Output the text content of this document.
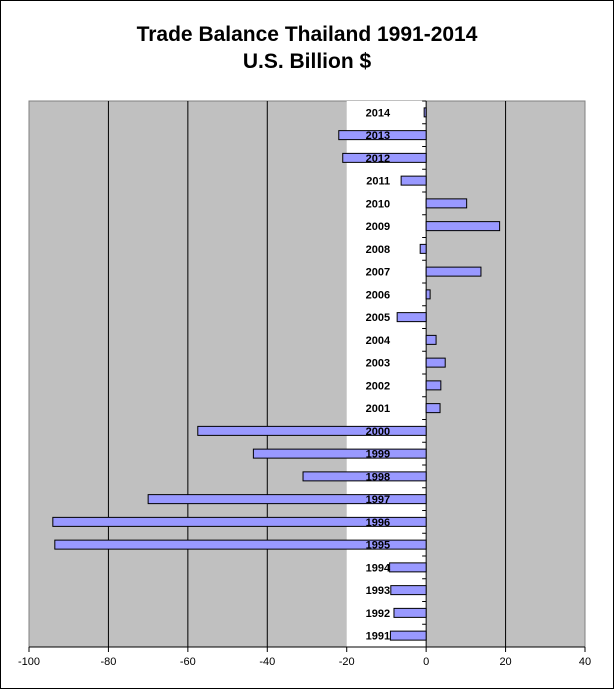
Trade Balance Thailand 1991-2014
U.S. Billion $
-100	-80	-60	-40	-20	0	20	40
1991
1992
1993
1994
1995
1996
1997
1998
1999
2000
2001
2002
2003
2004
2005
2006
2007
2008
2009
2010
2011
2012
2013
2014
